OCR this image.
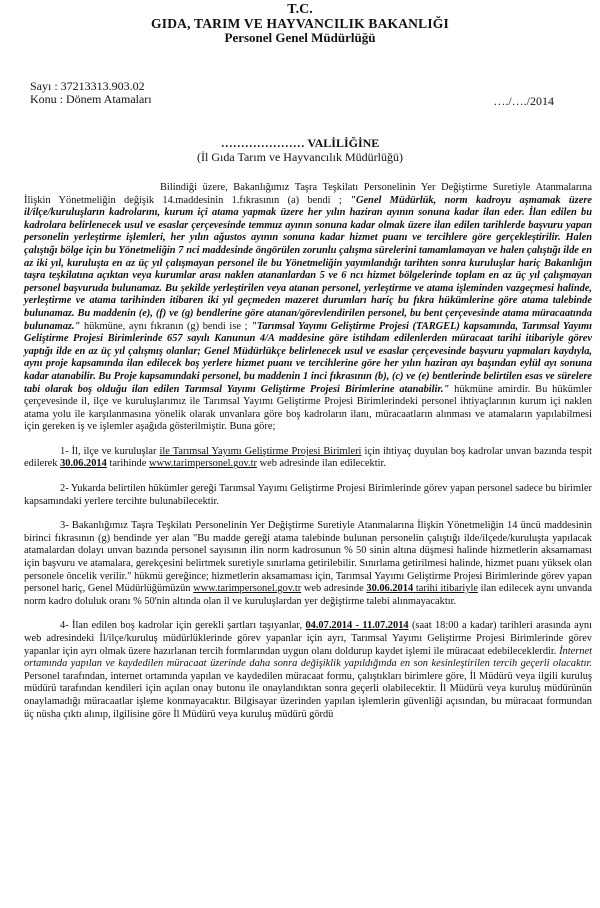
T.C.
GIDA, TARIM VE HAYVANCILIK BAKANLIĞI
Personel Genel Müdürlüğü
Sayı : 37213313.903.02
Konu : Dönem Atamaları	…./…./2014
………………… VALİLİĞİNE
(İl Gıda Tarım ve Hayvancılık Müdürlüğü)

Bilindiği üzere, Bakanlığımız Taşra Teşkilatı Personelinin Yer Değiştirme Suretiyle Atanmalarına İlişkin Yönetmeliğin değişik 14.maddesinin 1.fıkrasının (a) bendi ; "Genel Müdürlük, norm kadroyu aşmamak üzere il/ilçe/kuruluşların kadrolarını, kurum içi atama yapmak üzere her yılın haziran ayının sonuna kadar ilan eder. İlan edilen bu kadrolara belirlenecek usul ve esaslar çerçevesinde temmuz ayının sonuna kadar olmak üzere ilan edilen tarihlerde başvuru yapan personelin yerleştirme işlemleri, her yılın ağustos ayının sonuna kadar hizmet puanı ve tercihlere göre gerçekleştirilir. Halen çalıştığı bölge için bu Yönetmeliğin 7 nci maddesinde öngörülen zorunlu çalışma sürelerini tamamlamayan ve halen çalıştığı ilde en az iki yıl, kuruluşta en az üç yıl çalışmayan personel ile bu Yönetmeliğin yayımlandığı tarihten sonra kuruluşlar hariç Bakanlığın taşra teşkilatına açıktan veya kurumlar arası naklen atananlardan 5 ve 6 ncı hizmet bölgelerinde toplam en az üç yıl çalışmayan personel başvuruda bulunamaz. Bu şekilde yerleştirilen veya atanan personel, yerleştirme ve atama işleminden vazgeçmesi halinde, yerleştirme ve atama tarihinden itibaren iki yıl geçmeden mazeret durumları hariç bu fıkra hükümlerine göre atama talebinde bulunamaz. Bu maddenin (e), (f) ve (g) bendlerine göre atanan/görevlendirilen personel, bu bent çerçevesinde atama müracaatında bulunamaz." hükmüne, aynı fıkranın (g) bendi ise ; "Tarımsal Yayımı Geliştirme Projesi (TARGEL) kapsamında, Tarımsal Yayımı Geliştirme Projesi Birimlerinde 657 sayılı Kanunun 4/A maddesine göre istihdam edilenlerden müracaat tarihi itibariyle görev yaptığı ilde en az üç yıl çalışmış olanlar; Genel Müdürlükçe belirlenecek usul ve esaslar çerçevesinde başvuru yapmaları kaydıyla, aynı proje kapsamında ilan edilecek boş yerlere hizmet puanı ve tercihlerine göre her yılın haziran ayı başından eylül ayı sonuna kadar atanabilir. Bu Proje kapsamındaki personel, bu maddenin 1 inci fıkrasının (b), (c) ve (e) bentlerinde belirtilen esas ve sürelere tabi olarak boş olduğu ilan edilen Tarımsal Yayımı Geliştirme Projesi Birimlerine atanabilir." hükmüne amirdir. Bu hükümler çerçevesinde il, ilçe ve kuruluşlarımız ile Tarımsal Yayımı Geliştirme Projesi Birimlerindeki personel ihtiyaçlarının kurum içi naklen atama yolu ile karşılanmasına yönelik olarak unvanlara göre boş kadroların ilanı, müracaatların alınması ve atamaların yapılabilmesi için gereken iş ve işlemler aşağıda gösterilmiştir. Buna göre;

1- İl, ilçe ve kuruluşlar ile Tarımsal Yayımı Geliştirme Projesi Birimleri için ihtiyaç duyulan boş kadrolar unvan bazında tespit edilerek 30.06.2014 tarihinde www.tarimpersonel.gov.tr web adresinde ilan edilecektir.

2- Yukarda belirtilen hükümler gereği Tarımsal Yayımı Geliştirme Projesi Birimlerinde görev yapan personel sadece bu birimler kapsamındaki yerlere tercihte bulunabilecektir.

3- Bakanlığımız Taşra Teşkilatı Personelinin Yer Değiştirme Suretiyle Atanmalarına İlişkin Yönetmeliğin 14 üncü maddesinin birinci fıkrasının (g) bendinde yer alan "Bu madde gereği atama talebinde bulunan personelin çalıştığı ilde/ilçede/kuruluşta yapılacak atamalardan dolayı unvan bazında personel sayısının ilin norm kadrosunun % 50 sinin altına düşmesi halinde hizmetlerin aksamaması için başvuru ve atamalara, gerekçesini belirtmek suretiyle sınırlama getirilebilir. Sınırlama getirilmesi halinde, hizmet puanı yüksek olan personele öncelik verilir." hükmü gereğince; hizmetlerin aksamaması için, Tarımsal Yayımı Geliştirme Projesi Birimlerinde görev yapan personel hariç, Genel Müdürlüğümüzün www.tarimpersonel.gov.tr web adresinde 30.06.2014 tarihi itibariyle ilan edilecek aynı unvanda norm kadro doluluk oranı % 50'nin altında olan il ve kuruluşlardan yer değiştirme talebi alınmayacaktır.

4- İlan edilen boş kadrolar için gerekli şartları taşıyanlar, 04.07.2014 - 11.07.2014 (saat 18:00 a kadar) tarihleri arasında aynı web adresindeki İl/ilçe/kuruluş müdürlüklerinde görev yapanlar için ayrı, Tarımsal Yayımı Geliştirme Projesi Birimlerinde görev yapanlar için ayrı olmak üzere hazırlanan tercih formlarından uygun olanı doldurup kaydet işlemi ile müracaat edebileceklerdir. İnternet ortamında yapılan ve kaydedilen müracaat üzerinde daha sonra değişiklik yapıldığında en son kesinleştirilen tercih geçerli olacaktır. Personel tarafından, internet ortamında yapılan ve kaydedilen müracaat formu, çalıştıkları birimlere göre, İl Müdürü veya ilgili kuruluş müdürü tarafından kendileri için açılan onay butonu ile onaylandıktan sonra geçerli olabilecektir. İl Müdürü veya kuruluş müdürünün onaylamadığı müracaatlar işleme konmayacaktır. Bilgisayar üzerinden yapılan işlemlerin güvenliği açısından, bu müracaat formundan üç nüsha çıktı alınıp, ilgilisine göre İl Müdürü veya kuruluş müdürü gördü
